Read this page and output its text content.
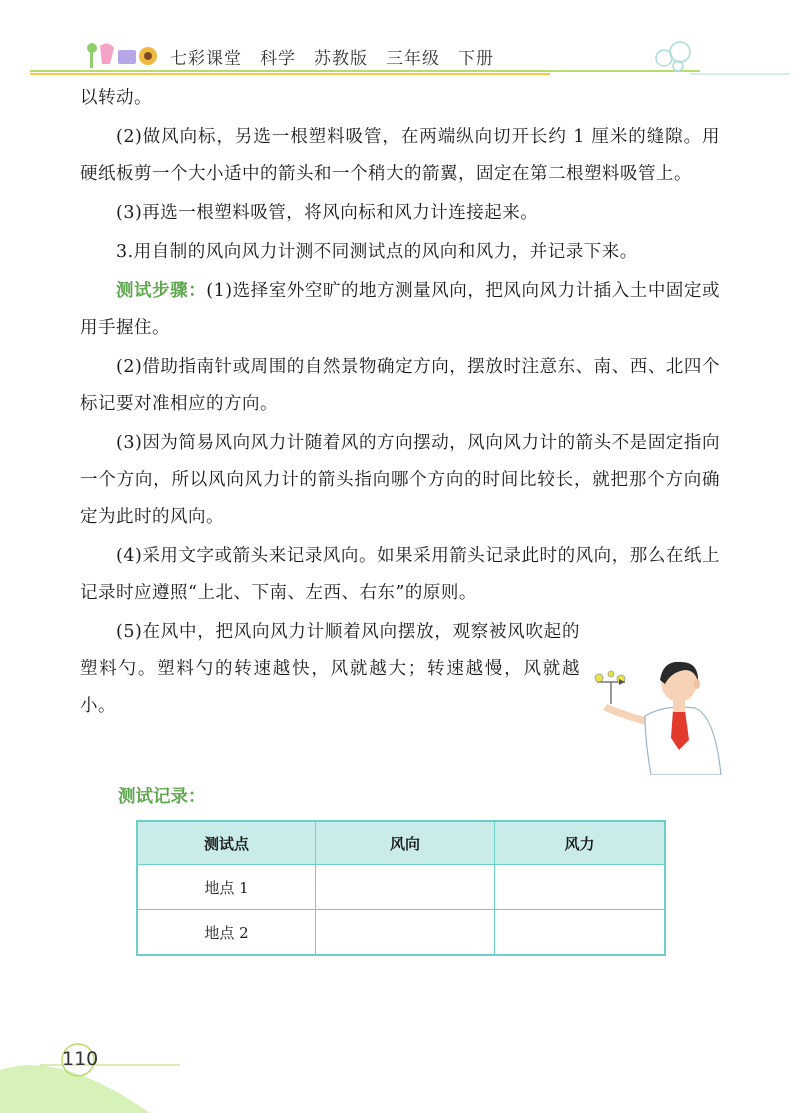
七彩课堂　科学　苏教版　三年级　下册

以转动。

(2)做风向标，另选一根塑料吸管，在两端纵向切开长约 1 厘米的缝隙。用硬纸板剪一个大小适中的箭头和一个稍大的箭翼，固定在第二根塑料吸管上。

(3)再选一根塑料吸管，将风向标和风力计连接起来。

3.用自制的风向风力计测不同测试点的风向和风力，并记录下来。

测试步骤：(1)选择室外空旷的地方测量风向，把风向风力计插入土中固定或用手握住。

(2)借助指南针或周围的自然景物确定方向，摆放时注意东、南、西、北四个标记要对准相应的方向。

(3)因为简易风向风力计随着风的方向摆动，风向风力计的箭头不是固定指向一个方向，所以风向风力计的箭头指向哪个方向的时间比较长，就把那个方向确定为此时的风向。

(4)采用文字或箭头来记录风向。如果采用箭头记录此时的风向，那么在纸上记录时应遵照“上北、下南、左西、右东”的原则。

(5)在风中，把风向风力计顺着风向摆放，观察被风吹起的塑料勺。塑料勺的转速越快，风就越大；转速越慢，风就越小。

测试记录：
测试点	风向	风力
地点 1		
地点 2		
110
